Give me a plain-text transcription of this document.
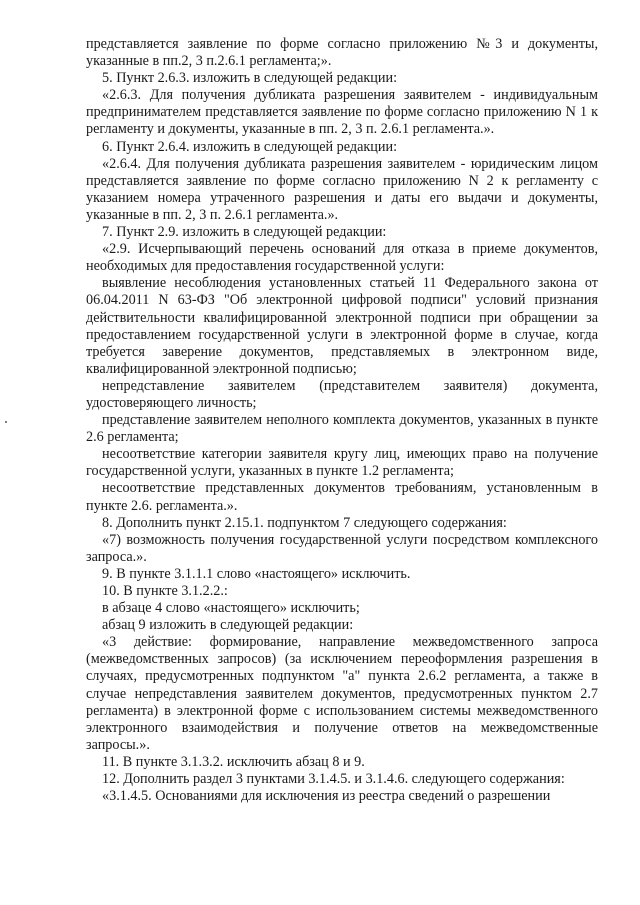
представляется заявление по форме согласно приложению №3 и документы, указанные в пп.2, 3 п.2.6.1 регламента;».

5. Пункт 2.6.3. изложить в следующей редакции:

«2.6.3. Для получения дубликата разрешения заявителем - индивидуальным предпринимателем представляется заявление по форме согласно приложению N 1 к регламенту и документы, указанные в пп. 2, 3 п. 2.6.1 регламента.».

6. Пункт 2.6.4. изложить в следующей редакции:

«2.6.4. Для получения дубликата разрешения заявителем - юридическим лицом представляется заявление по форме согласно приложению N 2 к регламенту с указанием номера утраченного разрешения и даты его выдачи и документы, указанные в пп. 2, 3 п. 2.6.1 регламента.».

7. Пункт 2.9. изложить в следующей редакции:

«2.9. Исчерпывающий перечень оснований для отказа в приеме документов, необходимых для предоставления государственной услуги:

выявление несоблюдения установленных статьей 11 Федерального закона от 06.04.2011 N 63-ФЗ "Об электронной цифровой подписи" условий признания действительности квалифицированной электронной подписи при обращении за предоставлением государственной услуги в электронной форме в случае, когда требуется заверение документов, представляемых в электронном виде, квалифицированной электронной подписью;

непредставление заявителем (представителем заявителя) документа, удостоверяющего личность;

представление заявителем неполного комплекта документов, указанных в пункте 2.6 регламента;

несоответствие категории заявителя кругу лиц, имеющих право на получение государственной услуги, указанных в пункте 1.2 регламента;

несоответствие представленных документов требованиям, установленным в пункте 2.6. регламента.».

8. Дополнить пункт 2.15.1. подпунктом 7 следующего содержания:

«7) возможность получения государственной услуги посредством комплексного запроса.».

9. В пункте 3.1.1.1 слово «настоящего» исключить.

10. В пункте 3.1.2.2.:

в абзаце 4 слово «настоящего» исключить;

абзац 9 изложить в следующей редакции:

«3 действие: формирование, направление межведомственного запроса (межведомственных запросов) (за исключением переоформления разрешения в случаях, предусмотренных подпунктом "а" пункта 2.6.2 регламента, а также в случае непредставления заявителем документов, предусмотренных пунктом 2.7 регламента) в электронной форме с использованием системы межведомственного электронного взаимодействия и получение ответов на межведомственные запросы.».

11. В пункте 3.1.3.2. исключить абзац 8 и 9.

12. Дополнить раздел 3 пунктами 3.1.4.5. и 3.1.4.6. следующего содержания:

«3.1.4.5. Основаниями для исключения из реестра сведений о разрешении
